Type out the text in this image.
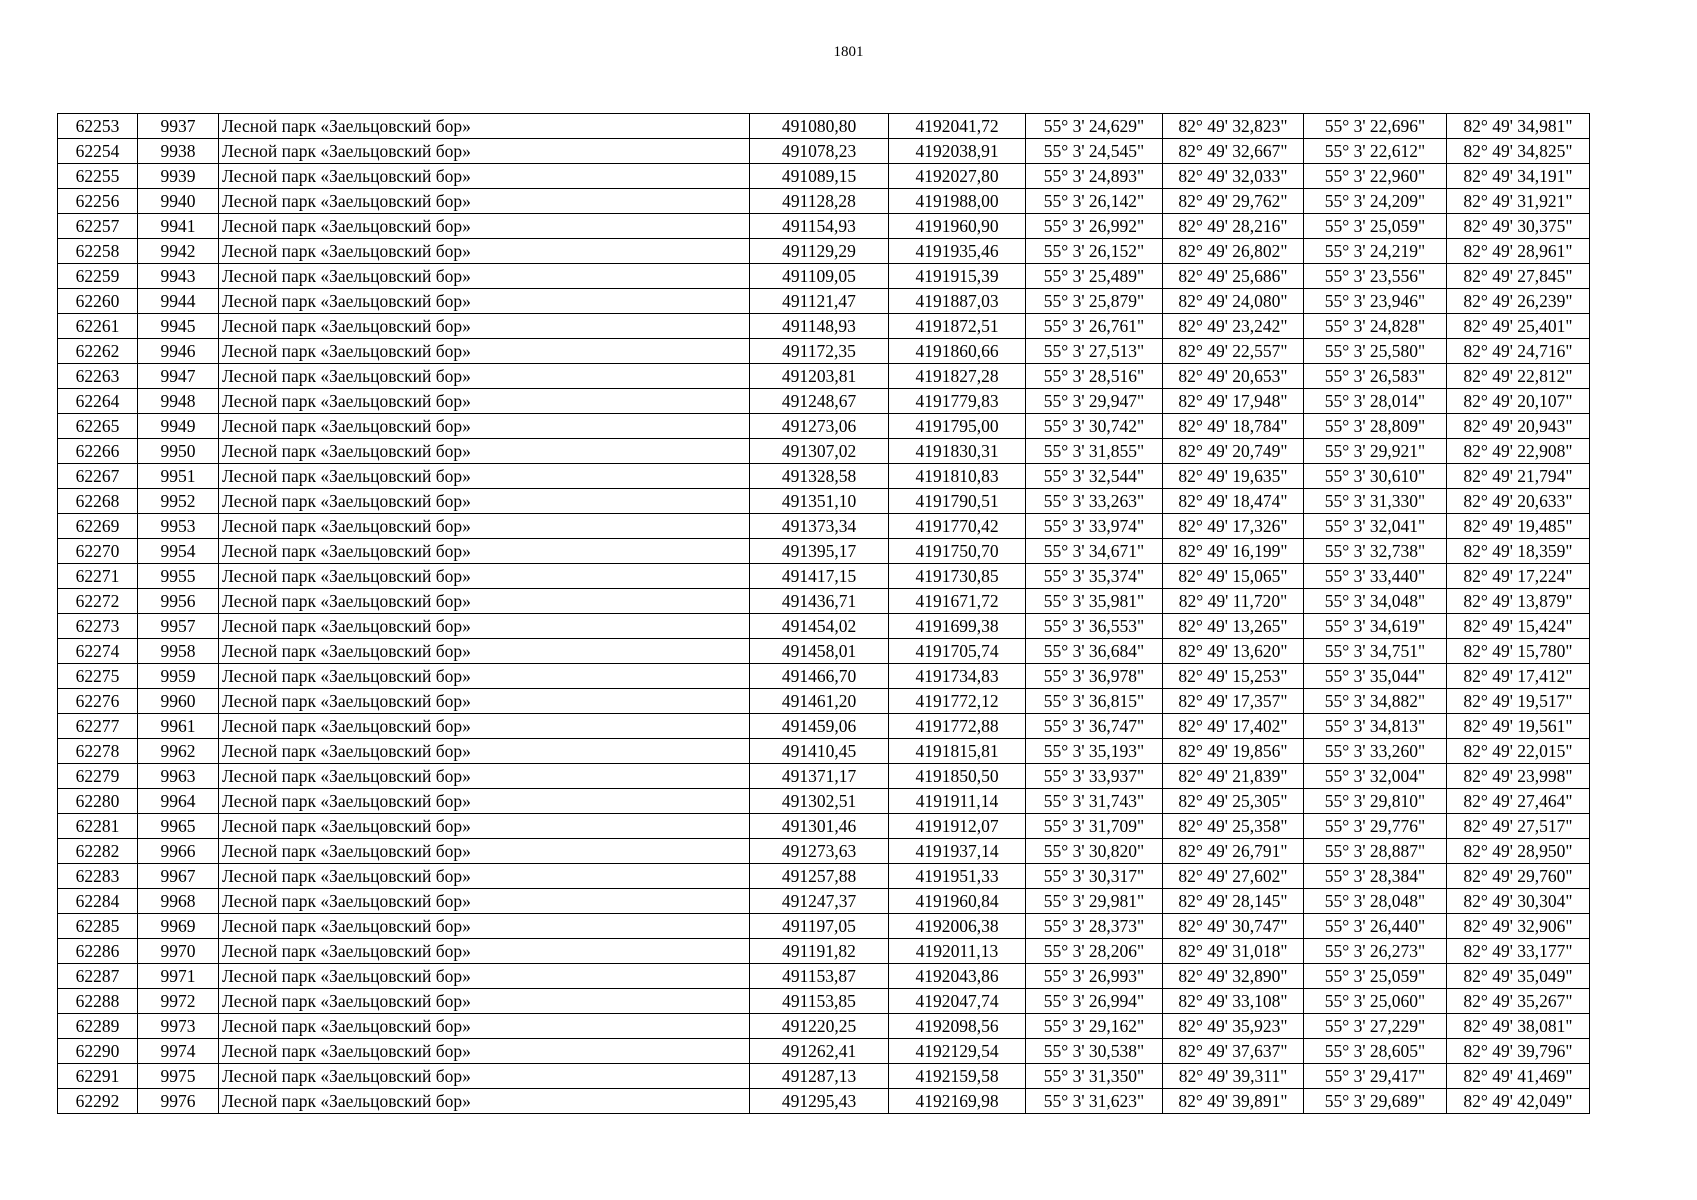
1801
62253	9937	Лесной парк «Заельцовский бор»	491080,80	4192041,72	55° 3' 24,629"	82° 49' 32,823"	55° 3' 22,696"	82° 49' 34,981"
62254	9938	Лесной парк «Заельцовский бор»	491078,23	4192038,91	55° 3' 24,545"	82° 49' 32,667"	55° 3' 22,612"	82° 49' 34,825"
62255	9939	Лесной парк «Заельцовский бор»	491089,15	4192027,80	55° 3' 24,893"	82° 49' 32,033"	55° 3' 22,960"	82° 49' 34,191"
62256	9940	Лесной парк «Заельцовский бор»	491128,28	4191988,00	55° 3' 26,142"	82° 49' 29,762"	55° 3' 24,209"	82° 49' 31,921"
62257	9941	Лесной парк «Заельцовский бор»	491154,93	4191960,90	55° 3' 26,992"	82° 49' 28,216"	55° 3' 25,059"	82° 49' 30,375"
62258	9942	Лесной парк «Заельцовский бор»	491129,29	4191935,46	55° 3' 26,152"	82° 49' 26,802"	55° 3' 24,219"	82° 49' 28,961"
62259	9943	Лесной парк «Заельцовский бор»	491109,05	4191915,39	55° 3' 25,489"	82° 49' 25,686"	55° 3' 23,556"	82° 49' 27,845"
62260	9944	Лесной парк «Заельцовский бор»	491121,47	4191887,03	55° 3' 25,879"	82° 49' 24,080"	55° 3' 23,946"	82° 49' 26,239"
62261	9945	Лесной парк «Заельцовский бор»	491148,93	4191872,51	55° 3' 26,761"	82° 49' 23,242"	55° 3' 24,828"	82° 49' 25,401"
62262	9946	Лесной парк «Заельцовский бор»	491172,35	4191860,66	55° 3' 27,513"	82° 49' 22,557"	55° 3' 25,580"	82° 49' 24,716"
62263	9947	Лесной парк «Заельцовский бор»	491203,81	4191827,28	55° 3' 28,516"	82° 49' 20,653"	55° 3' 26,583"	82° 49' 22,812"
62264	9948	Лесной парк «Заельцовский бор»	491248,67	4191779,83	55° 3' 29,947"	82° 49' 17,948"	55° 3' 28,014"	82° 49' 20,107"
62265	9949	Лесной парк «Заельцовский бор»	491273,06	4191795,00	55° 3' 30,742"	82° 49' 18,784"	55° 3' 28,809"	82° 49' 20,943"
62266	9950	Лесной парк «Заельцовский бор»	491307,02	4191830,31	55° 3' 31,855"	82° 49' 20,749"	55° 3' 29,921"	82° 49' 22,908"
62267	9951	Лесной парк «Заельцовский бор»	491328,58	4191810,83	55° 3' 32,544"	82° 49' 19,635"	55° 3' 30,610"	82° 49' 21,794"
62268	9952	Лесной парк «Заельцовский бор»	491351,10	4191790,51	55° 3' 33,263"	82° 49' 18,474"	55° 3' 31,330"	82° 49' 20,633"
62269	9953	Лесной парк «Заельцовский бор»	491373,34	4191770,42	55° 3' 33,974"	82° 49' 17,326"	55° 3' 32,041"	82° 49' 19,485"
62270	9954	Лесной парк «Заельцовский бор»	491395,17	4191750,70	55° 3' 34,671"	82° 49' 16,199"	55° 3' 32,738"	82° 49' 18,359"
62271	9955	Лесной парк «Заельцовский бор»	491417,15	4191730,85	55° 3' 35,374"	82° 49' 15,065"	55° 3' 33,440"	82° 49' 17,224"
62272	9956	Лесной парк «Заельцовский бор»	491436,71	4191671,72	55° 3' 35,981"	82° 49' 11,720"	55° 3' 34,048"	82° 49' 13,879"
62273	9957	Лесной парк «Заельцовский бор»	491454,02	4191699,38	55° 3' 36,553"	82° 49' 13,265"	55° 3' 34,619"	82° 49' 15,424"
62274	9958	Лесной парк «Заельцовский бор»	491458,01	4191705,74	55° 3' 36,684"	82° 49' 13,620"	55° 3' 34,751"	82° 49' 15,780"
62275	9959	Лесной парк «Заельцовский бор»	491466,70	4191734,83	55° 3' 36,978"	82° 49' 15,253"	55° 3' 35,044"	82° 49' 17,412"
62276	9960	Лесной парк «Заельцовский бор»	491461,20	4191772,12	55° 3' 36,815"	82° 49' 17,357"	55° 3' 34,882"	82° 49' 19,517"
62277	9961	Лесной парк «Заельцовский бор»	491459,06	4191772,88	55° 3' 36,747"	82° 49' 17,402"	55° 3' 34,813"	82° 49' 19,561"
62278	9962	Лесной парк «Заельцовский бор»	491410,45	4191815,81	55° 3' 35,193"	82° 49' 19,856"	55° 3' 33,260"	82° 49' 22,015"
62279	9963	Лесной парк «Заельцовский бор»	491371,17	4191850,50	55° 3' 33,937"	82° 49' 21,839"	55° 3' 32,004"	82° 49' 23,998"
62280	9964	Лесной парк «Заельцовский бор»	491302,51	4191911,14	55° 3' 31,743"	82° 49' 25,305"	55° 3' 29,810"	82° 49' 27,464"
62281	9965	Лесной парк «Заельцовский бор»	491301,46	4191912,07	55° 3' 31,709"	82° 49' 25,358"	55° 3' 29,776"	82° 49' 27,517"
62282	9966	Лесной парк «Заельцовский бор»	491273,63	4191937,14	55° 3' 30,820"	82° 49' 26,791"	55° 3' 28,887"	82° 49' 28,950"
62283	9967	Лесной парк «Заельцовский бор»	491257,88	4191951,33	55° 3' 30,317"	82° 49' 27,602"	55° 3' 28,384"	82° 49' 29,760"
62284	9968	Лесной парк «Заельцовский бор»	491247,37	4191960,84	55° 3' 29,981"	82° 49' 28,145"	55° 3' 28,048"	82° 49' 30,304"
62285	9969	Лесной парк «Заельцовский бор»	491197,05	4192006,38	55° 3' 28,373"	82° 49' 30,747"	55° 3' 26,440"	82° 49' 32,906"
62286	9970	Лесной парк «Заельцовский бор»	491191,82	4192011,13	55° 3' 28,206"	82° 49' 31,018"	55° 3' 26,273"	82° 49' 33,177"
62287	9971	Лесной парк «Заельцовский бор»	491153,87	4192043,86	55° 3' 26,993"	82° 49' 32,890"	55° 3' 25,059"	82° 49' 35,049"
62288	9972	Лесной парк «Заельцовский бор»	491153,85	4192047,74	55° 3' 26,994"	82° 49' 33,108"	55° 3' 25,060"	82° 49' 35,267"
62289	9973	Лесной парк «Заельцовский бор»	491220,25	4192098,56	55° 3' 29,162"	82° 49' 35,923"	55° 3' 27,229"	82° 49' 38,081"
62290	9974	Лесной парк «Заельцовский бор»	491262,41	4192129,54	55° 3' 30,538"	82° 49' 37,637"	55° 3' 28,605"	82° 49' 39,796"
62291	9975	Лесной парк «Заельцовский бор»	491287,13	4192159,58	55° 3' 31,350"	82° 49' 39,311"	55° 3' 29,417"	82° 49' 41,469"
62292	9976	Лесной парк «Заельцовский бор»	491295,43	4192169,98	55° 3' 31,623"	82° 49' 39,891"	55° 3' 29,689"	82° 49' 42,049"
